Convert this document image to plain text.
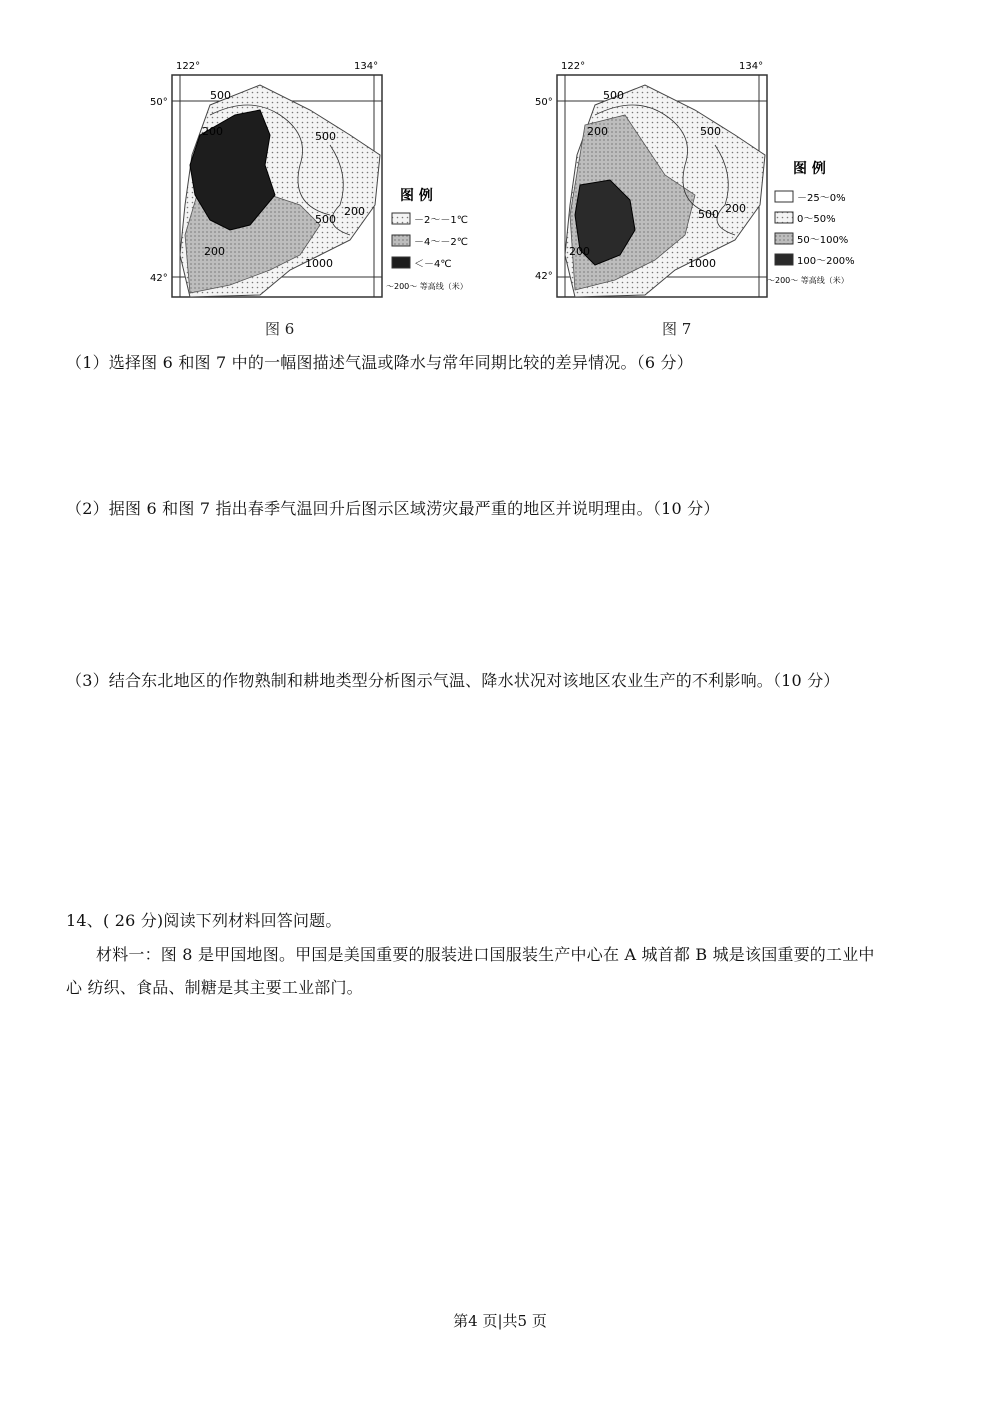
500
200	500
500
200
200
1000
122°	134°
50°
42°
图 例
－2～－1℃
－4～－2℃
＜－4℃
～200～ 等高线（米）
图 6
500
200	500
500 200
200
1000
122°	134°
50°
42°
图 例
－25～0%
0～50%
50～100%
100～200%
～200～ 等高线（米）
图 7
（1）选择图 6 和图 7 中的一幅图描述气温或降水与常年同期比较的差异情况。（6 分）
（2）据图 6 和图 7 指出春季气温回升后图示区域涝灾最严重的地区并说明理由。（10 分）
（3）结合东北地区的作物熟制和耕地类型分析图示气温、降水状况对该地区农业生产的不利影响。（10 分）
14、( 26 分)阅读下列材料回答问题。
材料一：图 8 是甲国地图。甲国是美国重要的服装进口国服装生产中心在 A 城首都 B 城是该国重要的工业中
心 纺织、食品、制糖是其主要工业部门。
第4 页|共5 页
